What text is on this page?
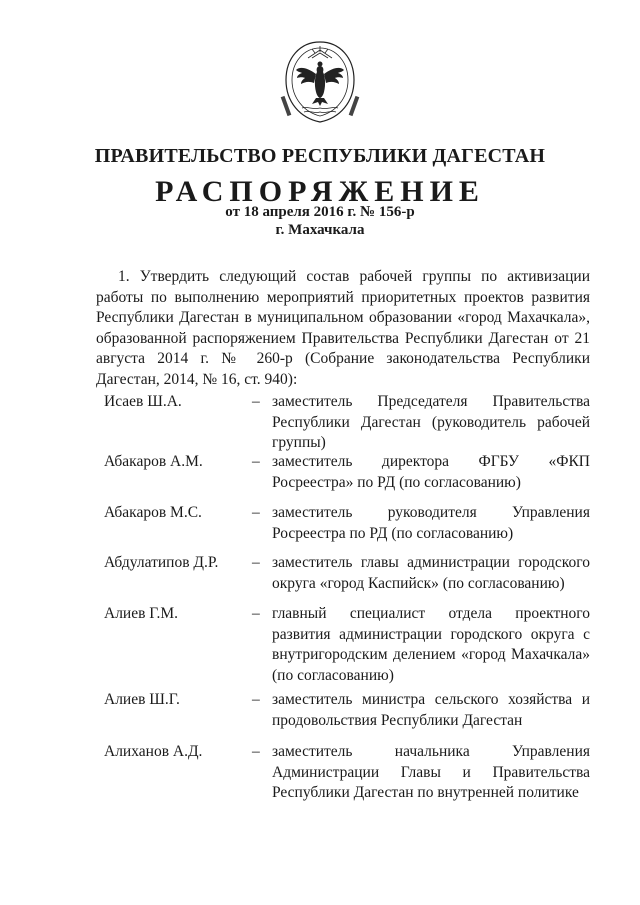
ПРАВИТЕЛЬСТВО РЕСПУБЛИКИ ДАГЕСТАН
РАСПОРЯЖЕНИЕ
от 18 апреля 2016 г. № 156-р
г. Махачкала
1. Утвердить следующий состав рабочей группы по активизации работы по выполнению мероприятий приоритетных проектов развития Республики Дагестан в муниципальном образовании «город Махачкала», образованной распоряжением Правительства Республики Дагестан от 21 августа 2014 г. № 260-р (Собрание законодательства Республики Дагестан, 2014, № 16, ст. 940):
Исаев Ш.А.	– заместитель Председателя Правительства Республики Дагестан (руководитель рабочей группы)
Абакаров А.М.	– заместитель директора ФГБУ «ФКП Росреестра» по РД (по согласованию)
Абакаров М.С.	– заместитель руководителя Управления Росреестра по РД (по согласованию)
Абдулатипов Д.Р. – заместитель главы администрации городского округа «город Каспийск» (по согласованию)
Алиев Г.М.	– главный специалист отдела проектного развития администрации городского округа с внутригородским делением «город Махачкала» (по согласованию)
Алиев Ш.Г.	– заместитель министра сельского хозяйства и продовольствия Республики Дагестан
Алиханов А.Д.	– заместитель начальника Управления Администрации Главы и Правительства Республики Дагестан по внутренней политике
